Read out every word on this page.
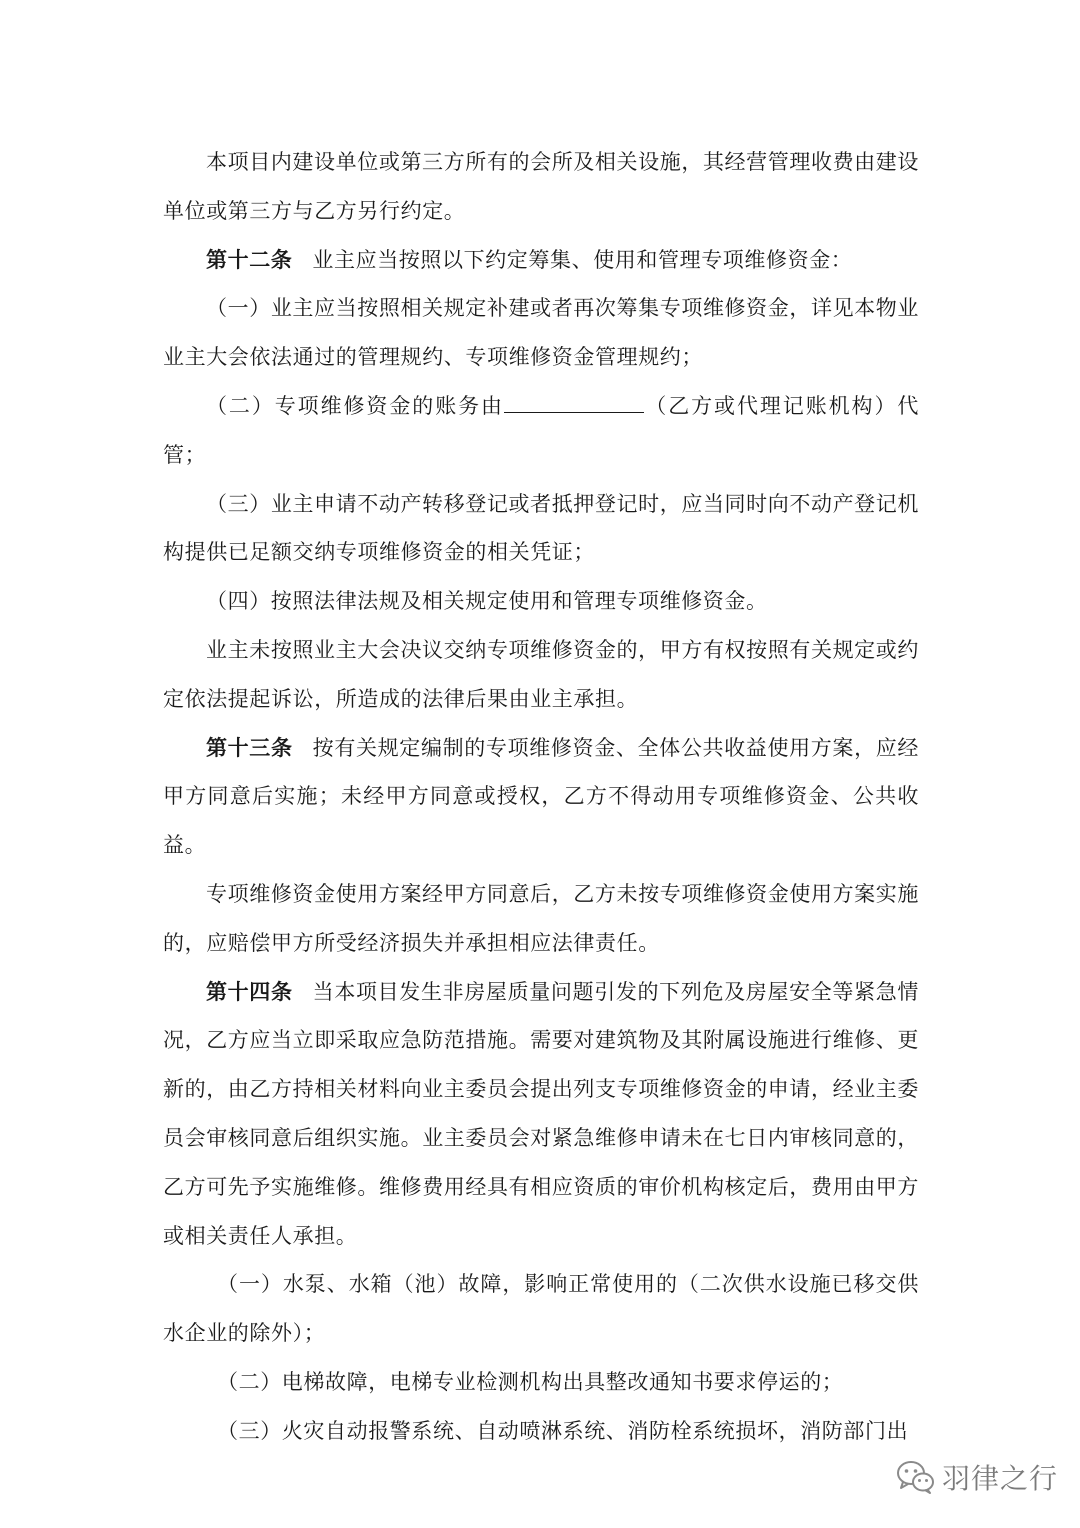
本项目内建设单位或第三方所有的会所及相关设施，其经营管理收费由建设单位或第三方与乙方另行约定。

第十二条 业主应当按照以下约定筹集、使用和管理专项维修资金：

（一）业主应当按照相关规定补建或者再次筹集专项维修资金，详见本物业业主大会依法通过的管理规约、专项维修资金管理规约；

（二）专项维修资金的账务由	（乙方或代理记账机构）代管；

（三）业主申请不动产转移登记或者抵押登记时，应当同时向不动产登记机构提供已足额交纳专项维修资金的相关凭证；

（四）按照法律法规及相关规定使用和管理专项维修资金。

业主未按照业主大会决议交纳专项维修资金的，甲方有权按照有关规定或约定依法提起诉讼，所造成的法律后果由业主承担。

第十三条 按有关规定编制的专项维修资金、全体公共收益使用方案，应经甲方同意后实施；未经甲方同意或授权，乙方不得动用专项维修资金、公共收益。

专项维修资金使用方案经甲方同意后，乙方未按专项维修资金使用方案实施的，应赔偿甲方所受经济损失并承担相应法律责任。

第十四条 当本项目发生非房屋质量问题引发的下列危及房屋安全等紧急情况，乙方应当立即采取应急防范措施。需要对建筑物及其附属设施进行维修、更新的，由乙方持相关材料向业主委员会提出列支专项维修资金的申请，经业主委员会审核同意后组织实施。业主委员会对紧急维修申请未在七日内审核同意的，乙方可先予实施维修。维修费用经具有相应资质的审价机构核定后，费用由甲方或相关责任人承担。

（一）水泵、水箱（池）故障，影响正常使用的（二次供水设施已移交供水企业的除外）；

（二）电梯故障，电梯专业检测机构出具整改通知书要求停运的；

（三）火灾自动报警系统、自动喷淋系统、消防栓系统损坏，消防部门出

羽律之行
